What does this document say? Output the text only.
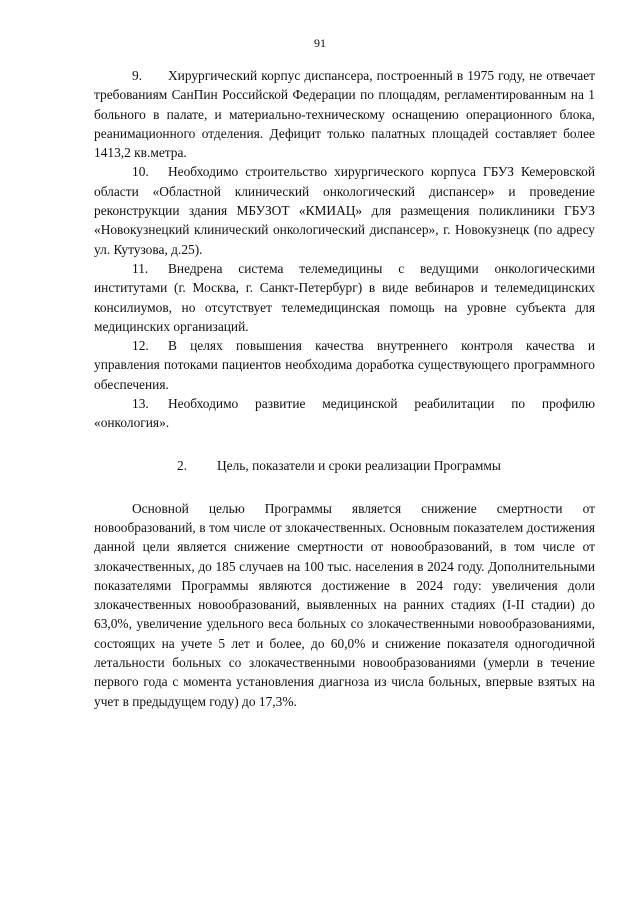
91

9. Хирургический корпус диспансера, построенный в 1975 году, не отвечает требованиям СанПин Российской Федерации по площадям, регламентированным на 1 больного в палате, и материально-техническому оснащению операционного блока, реанимационного отделения. Дефицит только палатных площадей составляет более 1413,2 кв.метра.

10. Необходимо строительство хирургического корпуса ГБУЗ Кемеровской области «Областной клинический онкологический диспансер» и проведение реконструкции здания МБУЗОТ «КМИАЦ» для размещения поликлиники ГБУЗ «Новокузнецкий клинический онкологический диспансер», г. Новокузнецк (по адресу ул. Кутузова, д.25).

11. Внедрена система телемедицины с ведущими онкологическими институтами (г. Москва, г. Санкт-Петербург) в виде вебинаров и телемедицинских консилиумов, но отсутствует телемедицинская помощь на уровне субъекта для медицинских организаций.

12. В целях повышения качества внутреннего контроля качества и управления потоками пациентов необходима доработка существующего программного обеспечения.

13. Необходимо развитие медицинской реабилитации по профилю «онкология».

2. Цель, показатели и сроки реализации Программы

Основной целью Программы является снижение смертности от новообразований, в том числе от злокачественных. Основным показателем достижения данной цели является снижение смертности от новообразований, в том числе от злокачественных, до 185 случаев на 100 тыс. населения в 2024 году. Дополнительными показателями Программы являются достижение в 2024 году: увеличения доли злокачественных новообразований, выявленных на ранних стадиях (I-II стадии) до 63,0%, увеличение удельного веса больных со злокачественными новообразованиями, состоящих на учете 5 лет и более, до 60,0% и снижение показателя одногодичной летальности больных со злокачественными новообразованиями (умерли в течение первого года с момента установления диагноза из числа больных, впервые взятых на учет в предыдущем году) до 17,3%.
